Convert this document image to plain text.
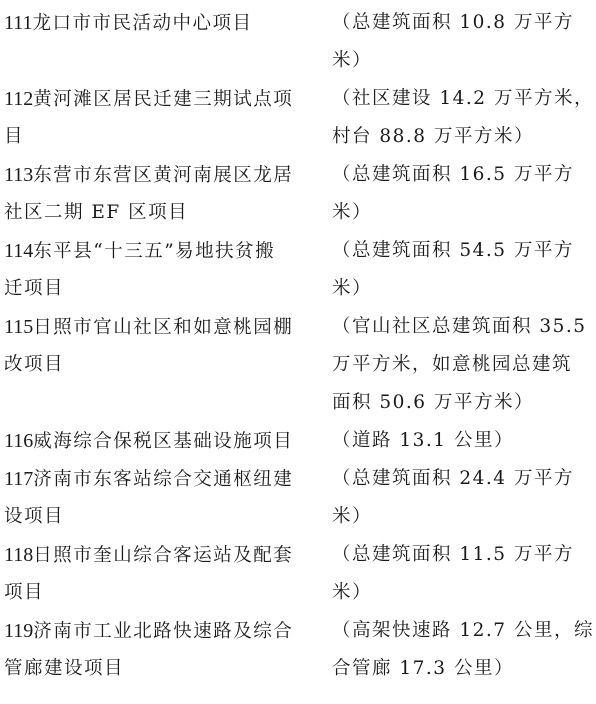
111龙口市市民活动中心项目	（总建筑面积 10.8 万平方
米）
112黄河滩区居民迁建三期试点项
目
（社区建设 14.2 万平方米，
村台 88.8 万平方米）
113东营市东营区黄河南展区龙居
社区二期 EF 区项目
（总建筑面积 16.5 万平方
米）
114东平县“十三五”易地扶贫搬
迁项目
（总建筑面积 54.5 万平方
米）
115日照市官山社区和如意桃园棚
改项目
（官山社区总建筑面积 35.5
万平方米，如意桃园总建筑
面积 50.6 万平方米）
116威海综合保税区基础设施项目	（道路 13.1 公里）
117济南市东客站综合交通枢纽建
设项目
（总建筑面积 24.4 万平方
米）
118日照市奎山综合客运站及配套
项目
（总建筑面积 11.5 万平方
米）
119济南市工业北路快速路及综合
管廊建设项目
（高架快速路 12.7 公里，综
合管廊 17.3 公里）
